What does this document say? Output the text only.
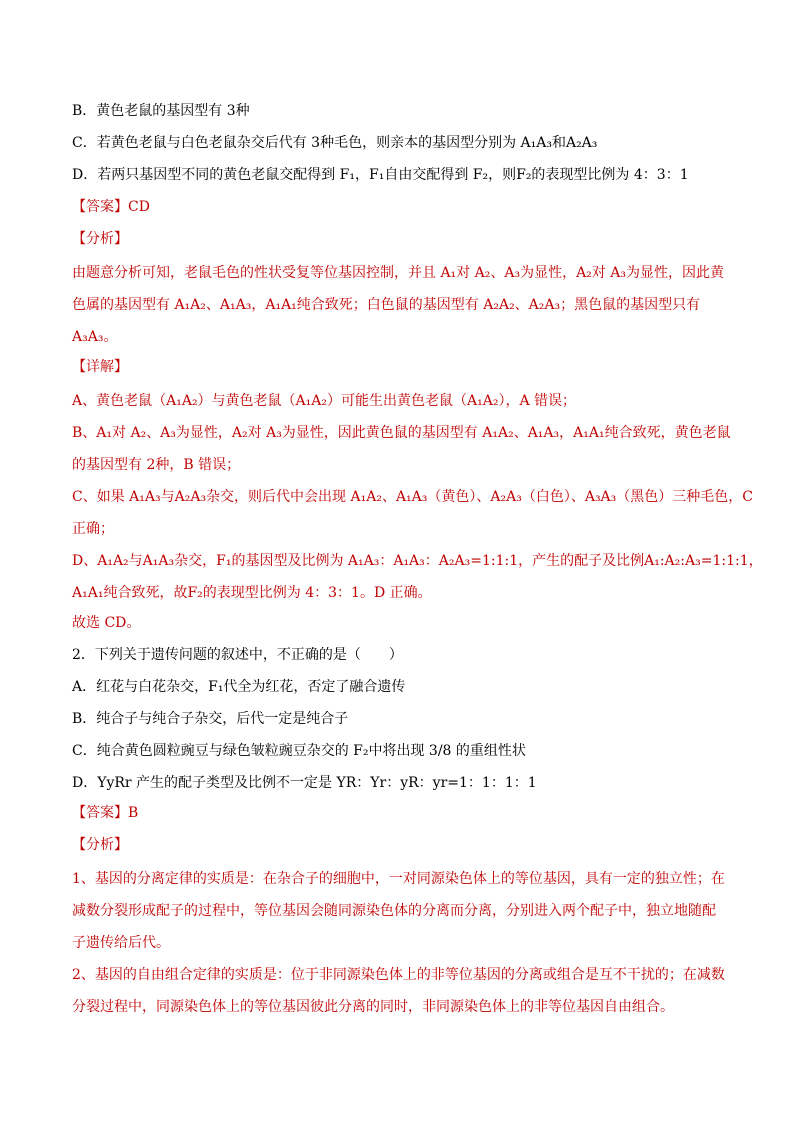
B．黄色老鼠的基因型有 3种
C．若黄色老鼠与白色老鼠杂交后代有 3种毛色，则亲本的基因型分别为 A₁A₃和A₂A₃
D．若两只基因型不同的黄色老鼠交配得到 F₁，F₁自由交配得到 F₂，则F₂的表现型比例为 4：3：1
【答案】CD
【分析】
由题意分析可知，老鼠毛色的性状受复等位基因控制，并且 A₁对 A₂、A₃为显性，A₂对 A₃为显性，因此黄
色属的基因型有 A₁A₂、A₁A₃，A₁A₁纯合致死；白色鼠的基因型有 A₂A₂、A₂A₃；黑色鼠的基因型只有
A₃A₃。
【详解】
A、黄色老鼠（A₁A₂）与黄色老鼠（A₁A₂）可能生出黄色老鼠（A₁A₂），A 错误；
B、A₁对 A₂、A₃为显性，A₂对 A₃为显性，因此黄色鼠的基因型有 A₁A₂、A₁A₃，A₁A₁纯合致死，黄色老鼠
的基因型有 2种，B 错误；
C、如果 A₁A₃与A₂A₃杂交，则后代中会出现 A₁A₂、A₁A₃（黄色）、A₂A₃（白色）、A₃A₃（黑色）三种毛色，C
正确；
D、A₁A₂与A₁A₃杂交，F₁的基因型及比例为 A₁A₃：A₁A₃：A₂A₃=1:1:1，产生的配子及比例A₁:A₂:A₃=1:1:1，
A₁A₁纯合致死，故F₂的表现型比例为 4：3：1。D 正确。
故选 CD。
2．下列关于遗传问题的叙述中，不正确的是（　　）
A．红花与白花杂交，F₁代全为红花，否定了融合遗传
B．纯合子与纯合子杂交，后代一定是纯合子
C．纯合黄色圆粒豌豆与绿色皱粒豌豆杂交的 F₂中将出现 3/8 的重组性状
D．YyRr 产生的配子类型及比例不一定是 YR：Yr：yR：yr=1：1：1：1
【答案】B
【分析】
1、基因的分离定律的实质是：在杂合子的细胞中，一对同源染色体上的等位基因，具有一定的独立性；在
减数分裂形成配子的过程中，等位基因会随同源染色体的分离而分离，分别进入两个配子中，独立地随配
子遗传给后代。
2、基因的自由组合定律的实质是：位于非同源染色体上的非等位基因的分离或组合是互不干扰的；在减数
分裂过程中，同源染色体上的等位基因彼此分离的同时，非同源染色体上的非等位基因自由组合。
